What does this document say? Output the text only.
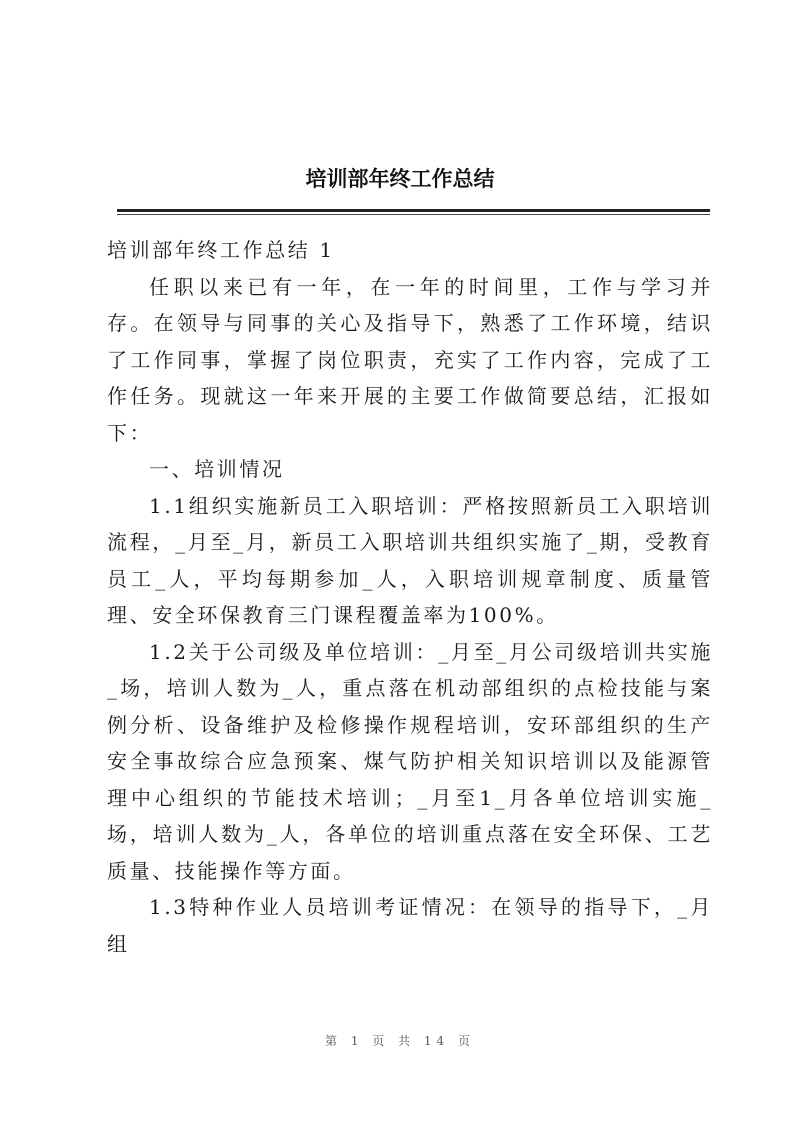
培训部年终工作总结

培训部年终工作总结 1

任职以来已有一年，在一年的时间里，工作与学习并存。在领导与同事的关心及指导下，熟悉了工作环境，结识了工作同事，掌握了岗位职责，充实了工作内容，完成了工作任务。现就这一年来开展的主要工作做简要总结，汇报如下：

一、培训情况

1.1组织实施新员工入职培训：严格按照新员工入职培训流程，_月至_月，新员工入职培训共组织实施了_期，受教育员工_人，平均每期参加_人，入职培训规章制度、质量管理、安全环保教育三门课程覆盖率为100%。

1.2关于公司级及单位培训：_月至_月公司级培训共实施_场，培训人数为_人，重点落在机动部组织的点检技能与案例分析、设备维护及检修操作规程培训，安环部组织的生产安全事故综合应急预案、煤气防护相关知识培训以及能源管理中心组织的节能技术培训；_月至1_月各单位培训实施_场，培训人数为_人，各单位的培训重点落在安全环保、工艺质量、技能操作等方面。

1.3特种作业人员培训考证情况：在领导的指导下，_月组

第 1 页 共 14 页
